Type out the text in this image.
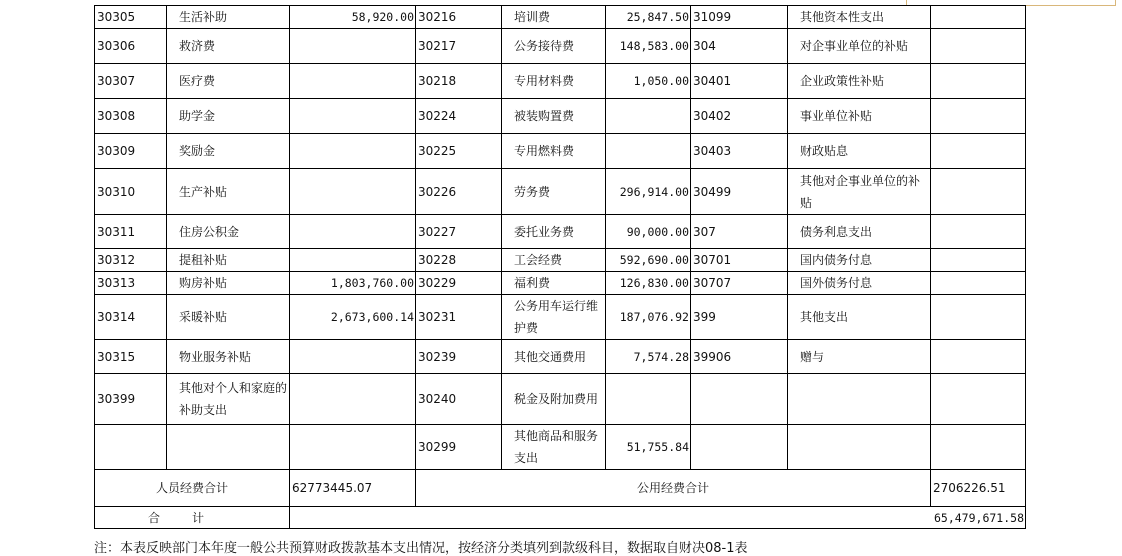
30305	生活补助	58,920.00	30216	培训费	25,847.50	31099	其他资本性支出	
30306	救济费		30217	公务接待费	148,583.00	304	对企事业单位的补贴	
30307	医疗费		30218	专用材料费	1,050.00	30401	企业政策性补贴	
30308	助学金		30224	被装购置费		30402	事业单位补贴	
30309	奖励金		30225	专用燃料费		30403	财政贴息	
30310	生产补贴		30226	劳务费	296,914.00	30499	其他对企事业单位的补贴	
30311	住房公积金		30227	委托业务费	90,000.00	307	债务利息支出	
30312	提租补贴		30228	工会经费	592,690.00	30701	国内债务付息	
30313	购房补贴	1,803,760.00	30229	福利费	126,830.00	30707	国外债务付息	
30314	采暖补贴	2,673,600.14	30231	公务用车运行维护费	187,076.92	399	其他支出	
30315	物业服务补贴		30239	其他交通费用	7,574.28	39906	赠与	
30399	其他对个人和家庭的补助支出		30240	税金及附加费用				
			30299	其他商品和服务支出	51,755.84			
人员经费合计		62773445.07	公用经费合计					2706226.51
合计		65,479,671.58						
注：本表反映部门本年度一般公共预算财政拨款基本支出情况，按经济分类填列到款级科目，数据取自财决08-1表
